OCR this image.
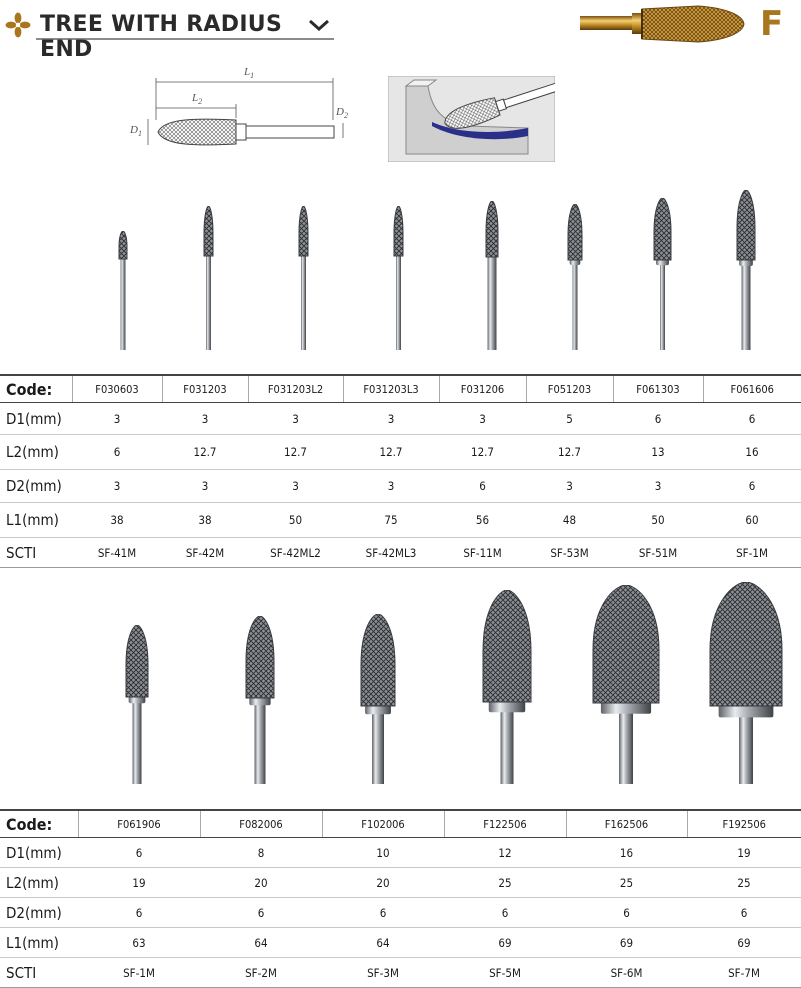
TREE WITH RADIUS END
F
$L_1$
$L_2$
$D_1$
$D_2$
Code:	F030603	F031203	F031203L2	F031203L3	F031206	F051203	F061303	F061606
D1(mm)	3	3	3	3	3	5	6	6
L2(mm)	6	12.7	12.7	12.7	12.7	12.7	13	16
D2(mm)	3	3	3	3	6	3	3	6
L1(mm)	38	38	50	75	56	48	50	60
SCTI	SF-41M	SF-42M	SF-42ML2	SF-42ML3	SF-11M	SF-53M	SF-51M	SF-1M
Code:	F061906	F082006	F102006	F122506	F162506	F192506
D1(mm)	6	8	10	12	16	19
L2(mm)	19	20	20	25	25	25
D2(mm)	6	6	6	6	6	6
L1(mm)	63	64	64	69	69	69
SCTI	SF-1M	SF-2M	SF-3M	SF-5M	SF-6M	SF-7M
